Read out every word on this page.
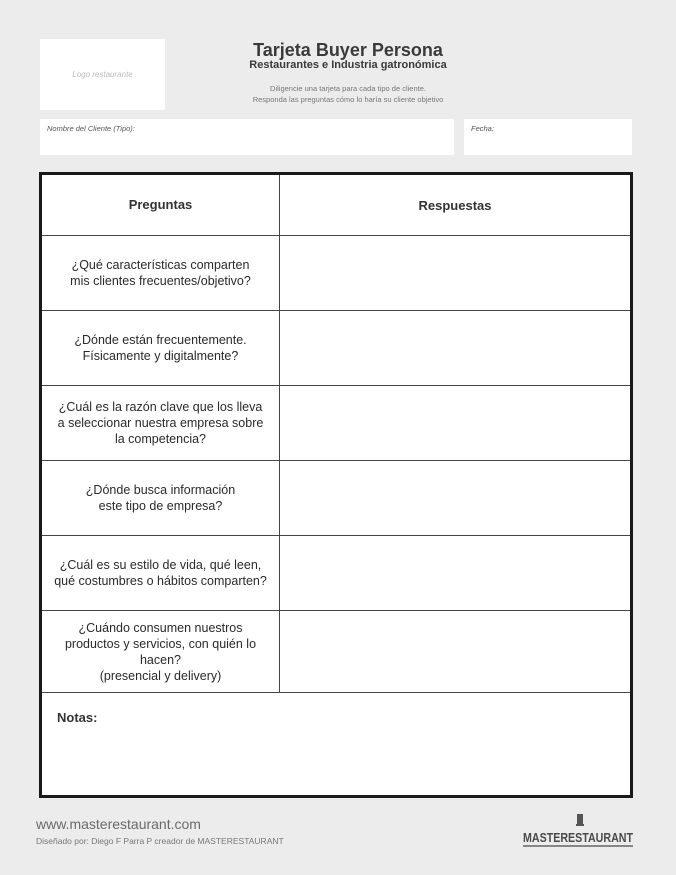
Logo restaurante
Tarjeta Buyer Persona
Restaurantes e Industria gatronómica
Diligencie una tarjeta para cada tipo de cliente.
Responda las preguntas cómo lo haría su cliente objetivo
Nombre del Cliente (Tipo):	Fecha:
Preguntas	Respuestas
¿Qué características comparten
mis clientes frecuentes/objetivo?
¿Dónde están frecuentemente.
Físicamente y digitalmente?
¿Cuál es la razón clave que los lleva
a seleccionar nuestra empresa sobre
la competencia?
¿Dónde busca información
este tipo de empresa?
¿Cuál es su estilo de vida, qué leen,
qué costumbres o hábitos comparten?
¿Cuándo consumen nuestros
productos y servicios, con quién lo hacen?
(presencial y delivery)
Notas:
www.masterestaurant.com
Diseñado por: Diego F Parra P creador de MASTERESTAURANT	MASTERESTAURANT
